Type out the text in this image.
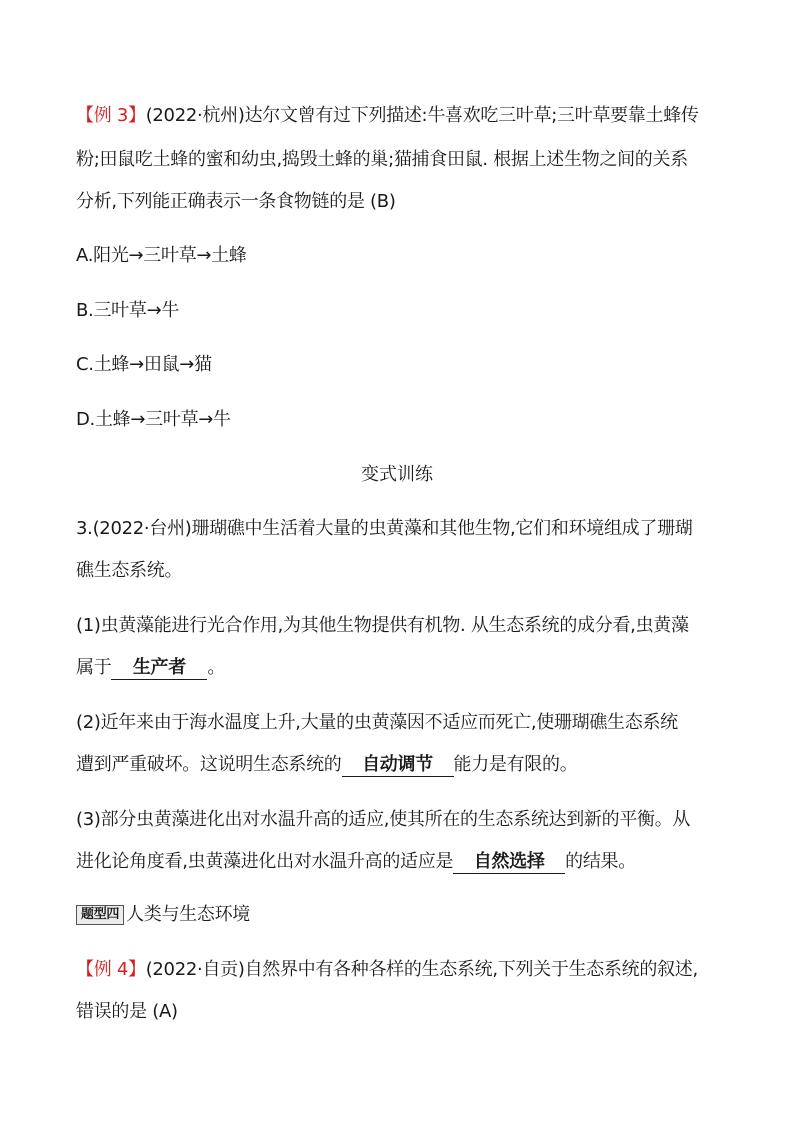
【例 3】(2022·杭州)达尔文曾有过下列描述:牛喜欢吃三叶草;三叶草要靠土蜂传
粉;田鼠吃土蜂的蜜和幼虫,捣毁土蜂的巢;猫捕食田鼠. 根据上述生物之间的关系
分析,下列能正确表示一条食物链的是 (B)
A.阳光→三叶草→土蜂
B.三叶草→牛
C.土蜂→田鼠→猫
D.土蜂→三叶草→牛
变式训练
3.(2022·台州)珊瑚礁中生活着大量的虫黄藻和其他生物,它们和环境组成了珊瑚
礁生态系统。
(1)虫黄藻能进行光合作用,为其他生物提供有机物. 从生态系统的成分看,虫黄藻
属于 生产者 。
(2)近年来由于海水温度上升,大量的虫黄藻因不适应而死亡,使珊瑚礁生态系统
遭到严重破坏。这说明生态系统的 自动调节 能力是有限的。
(3)部分虫黄藻进化出对水温升高的适应,使其所在的生态系统达到新的平衡。从
进化论角度看,虫黄藻进化出对水温升高的适应是 自然选择 的结果。
题型四 人类与生态环境
【例 4】(2022·自贡)自然界中有各种各样的生态系统,下列关于生态系统的叙述,
错误的是 (A)
